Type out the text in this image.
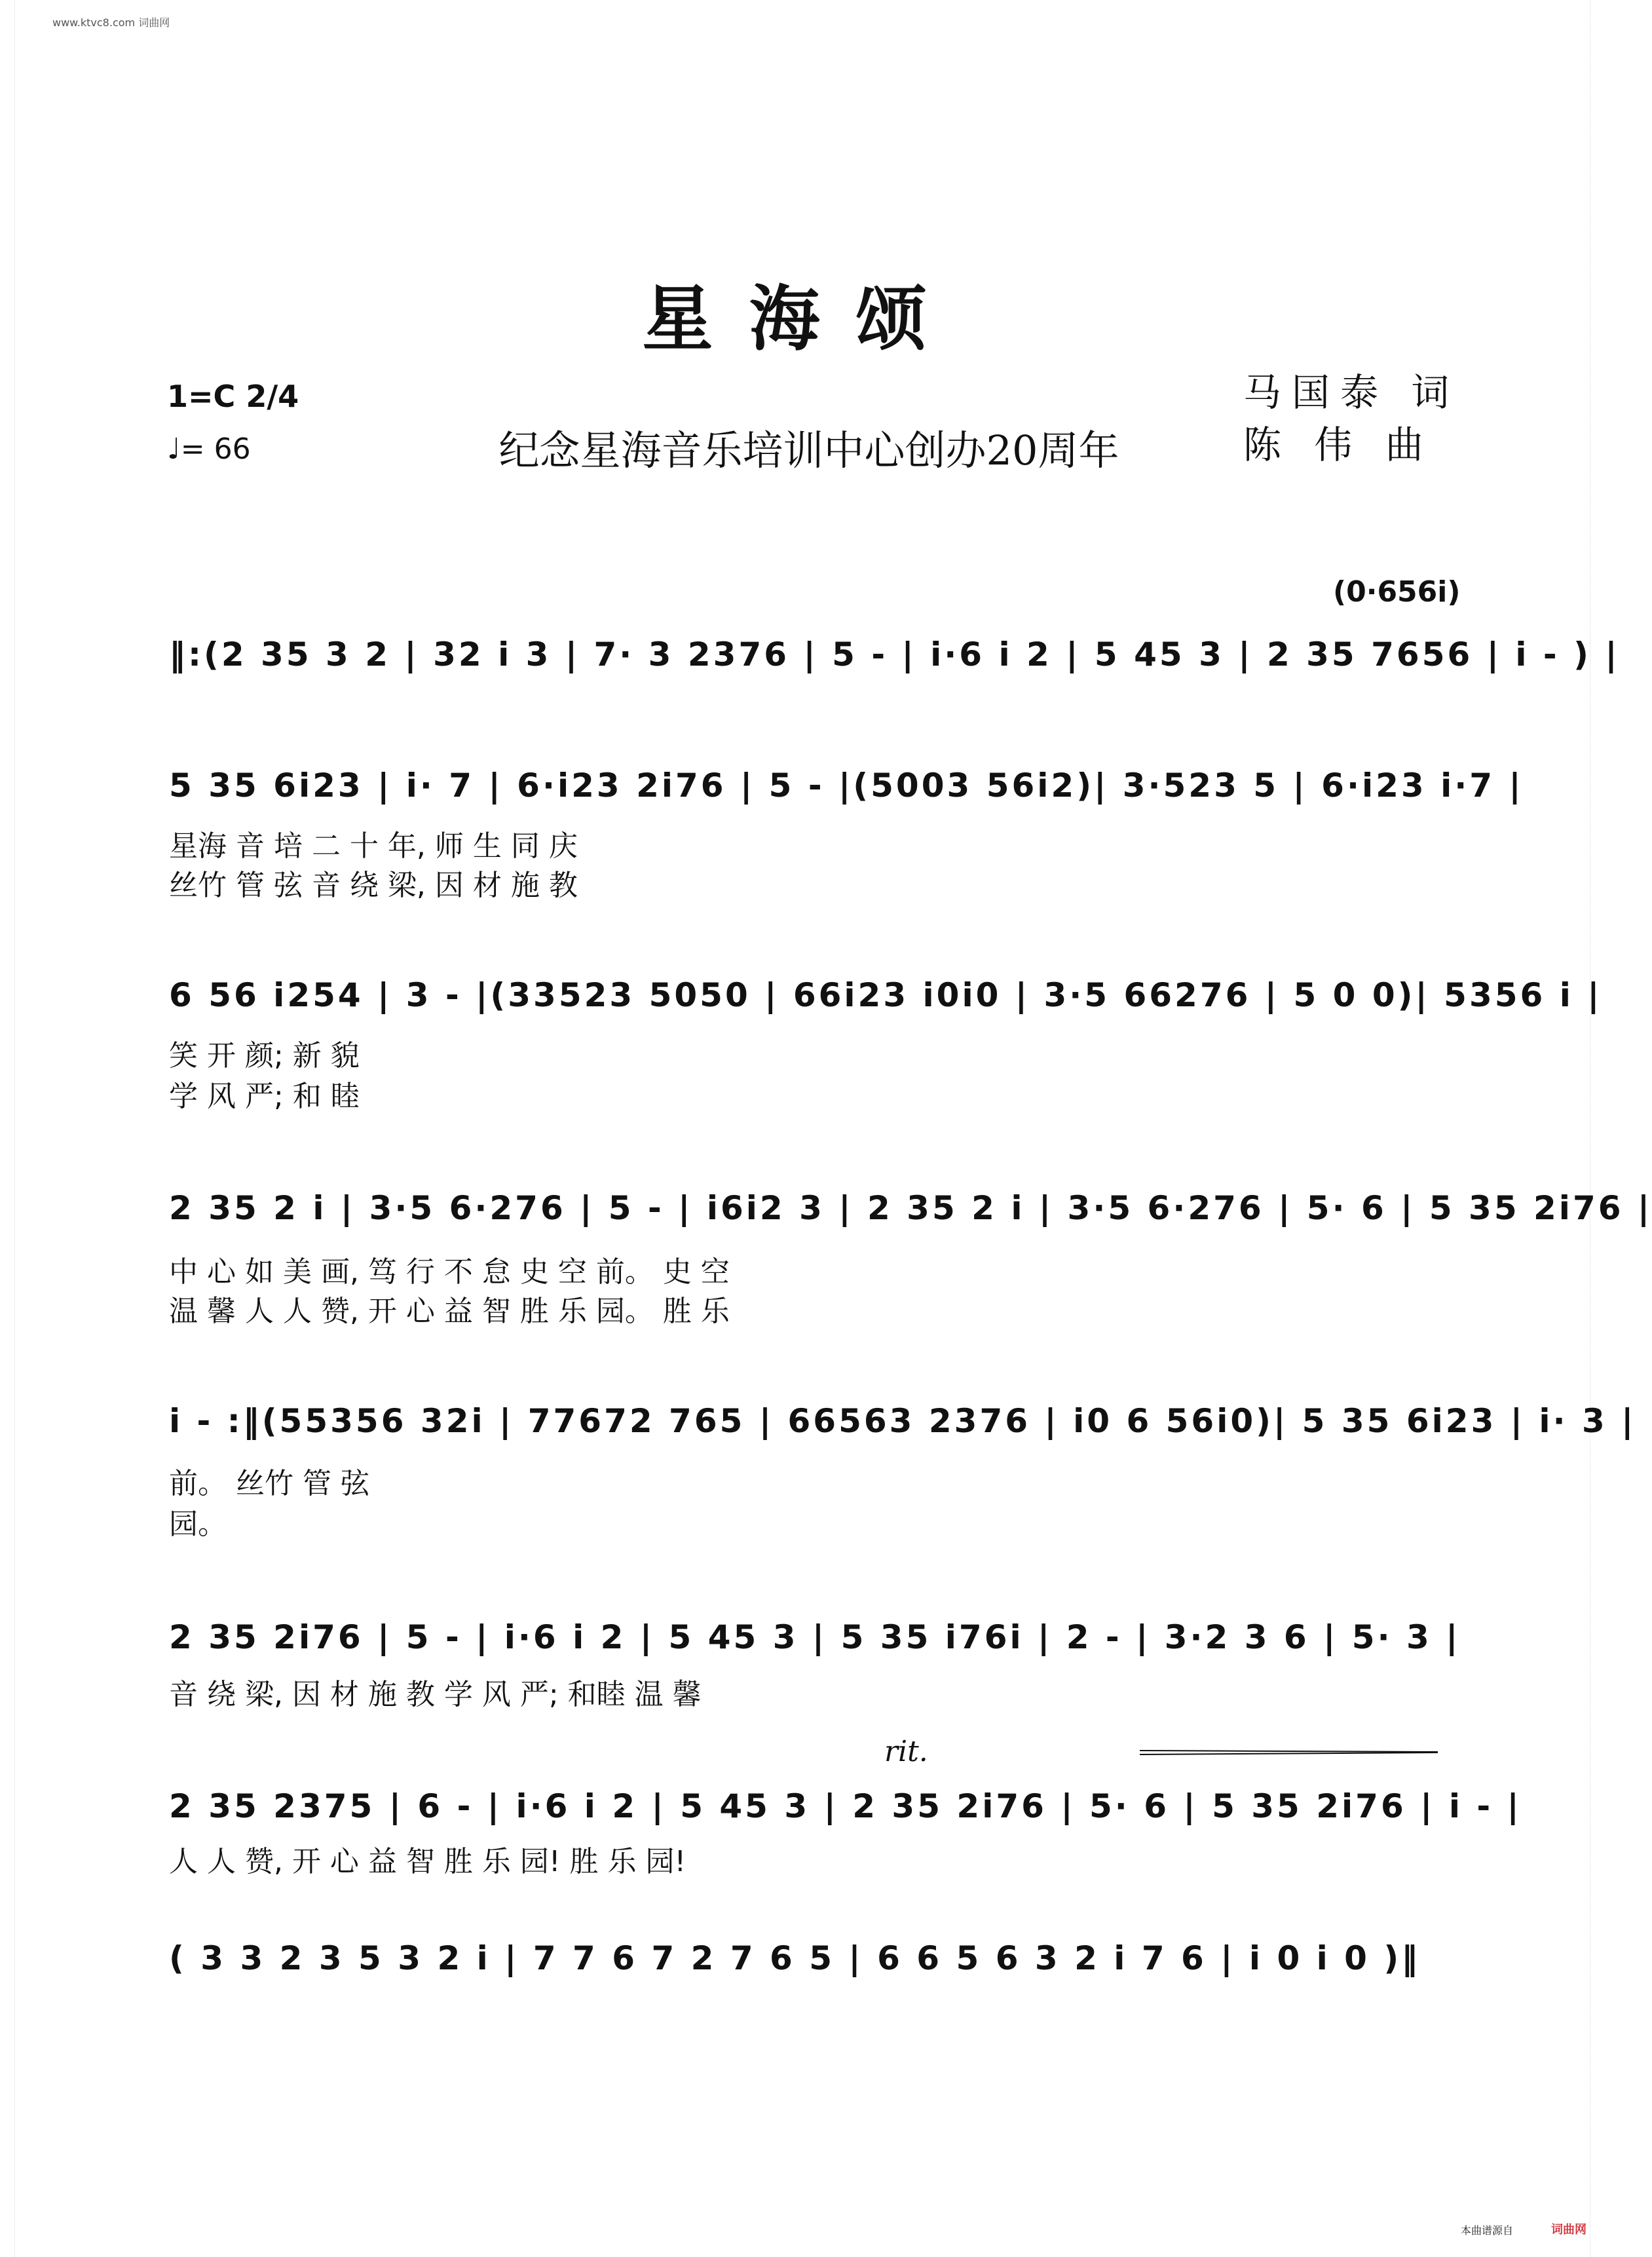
www.ktvc8.com 词曲网
星海颂
1=C 2/4
♩= 66	纪念星海音乐培训中心创办20周年
马国泰 词
陈 伟 曲
(0·656i)
‖:(2 35 3 2 | 32 i 3 | 7· 3 2376 | 5 - | i·6 i 2 | 5 45 3 | 2 35 7656 | i - ) |
5 35 6i23 | i· 7 | 6·i23 2i76 | 5 - |(5003 56i2)| 3·523 5 | 6·i23 i·7 |
星海 音 培 二 十 年, 师 生 同 庆
丝竹 管 弦 音 绕 梁, 因 材 施 教
6 56 i254 | 3 - |(33523 5050 | 66i23 i0i0 | 3·5 66276 | 5 0 0)| 5356 i |
笑 开 颜; 新 貌
学 风 严; 和 睦
2 35 2 i | 3·5 6·276 | 5 - | i6i2 3 | 2 35 2 i | 3·5 6·276 | 5· 6 | 5 35 2i76 |
中 心 如 美 画, 笃 行 不 怠 史 空 前。 史 空
温 馨 人 人 赞, 开 心 益 智 胜 乐 园。 胜 乐
i - :‖(55356 32i | 77672 765 | 66563 2376 | i0 6 56i0)| 5 35 6i23 | i· 3 |
前。 丝竹 管 弦
园。
2 35 2i76 | 5 - | i·6 i 2 | 5 45 3 | 5 35 i76i | 2 - | 3·2 3 6 | 5· 3 |
音 绕 梁, 因 材 施 教 学 风 严; 和睦 温 馨
rit.
2 35 2375 | 6 - | i·6 i 2 | 5 45 3 | 2 35 2i76 | 5· 6 | 5 35 2i76 | i - |
人 人 赞, 开 心 益 智 胜 乐 园! 胜 乐 园!
( 3 3 2 3 5 3 2 i | 7 7 6 7 2 7 6 5 | 6 6 5 6 3 2 i 7 6 | i 0 i 0 )‖
本曲谱源自	词曲网
